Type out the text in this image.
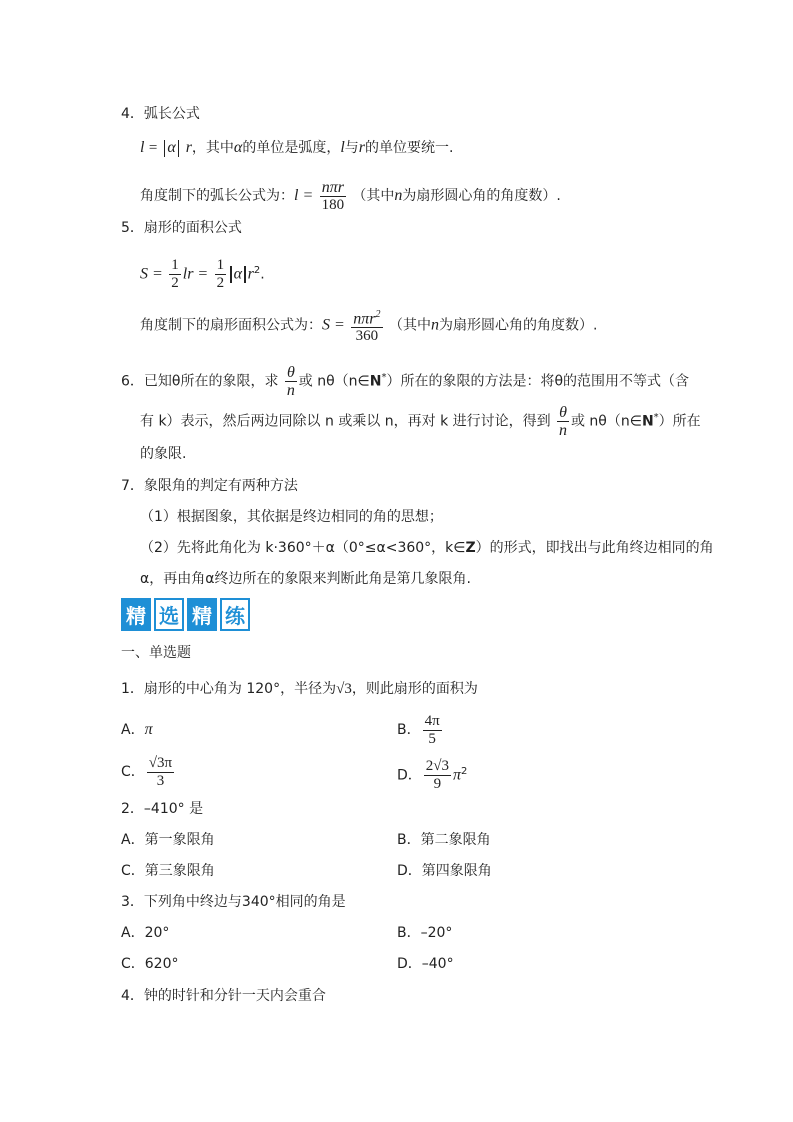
4．弧长公式
l = α r，其中α的单位是弧度，l与r的单位要统一.
角度制下的弧长公式为：$l = \frac{\text{nπr}}{180}$ （其中n为扇形圆心角的角度数）.
5．扇形的面积公式
$S = \frac{1}{2}$ lr = $\frac{1}{2}$ α $r^2$.
角度制下的扇形面积公式为：$S = \frac{n\pi r^2}{360}$ （其中n为扇形圆心角的角度数）.
6．已知θ所在的象限，求 $\frac{\theta}{n}$ 或 nθ（n∈N*）所在的象限的方法是：将θ的范围用不等式（含
有 k）表示，然后两边同除以 n 或乘以 n，再对 k 进行讨论，得到 $\frac{\theta}{n}$ 或 nθ（n∈N*）所在
的象限.
7．象限角的判定有两种方法
（1）根据图象，其依据是终边相同的角的思想；
（2）先将此角化为 k·360°＋α（0°≤α<360°，k∈Z）的形式，即找出与此角终边相同的角
α，再由角α终边所在的象限来判断此角是第几象限角.
精 选 精 练
一、单选题
1．扇形的中心角为 120°，半径为√3，则此扇形的面积为
A．π	B． $\frac{4\pi}{5}$
C． $\frac{√3\pi}{3}$	D． $\frac{2√3}{9} \pi^2$
2．–410° 是
A．第一象限角	B．第二象限角
C．第三象限角	D．第四象限角
3．下列角中终边与340°相同的角是
A．20°	B．–20°
C．620°	D．–40°
4．钟的时针和分针一天内会重合
